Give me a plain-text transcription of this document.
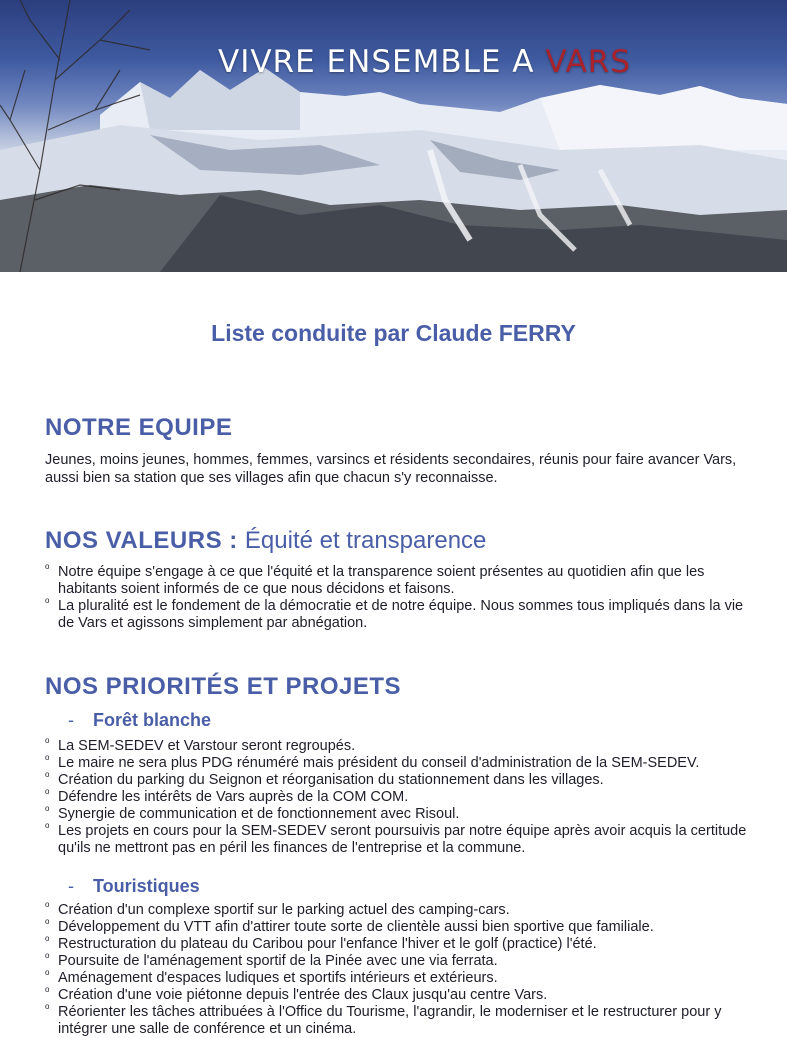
VIVRE ENSEMBLE A VARS

Liste conduite par Claude FERRY

NOTRE EQUIPE

Jeunes, moins jeunes, hommes, femmes, varsincs et résidents secondaires, réunis pour faire avancer Vars, aussi bien sa station que ses villages afin que chacun s'y reconnaisse.

NOS VALEURS : Équité et transparence
o Notre équipe s'engage à ce que l'équité et la transparence soient présentes au quotidien afin que les habitants soient informés de ce que nous décidons et faisons.
o La pluralité est le fondement de la démocratie et de notre équipe. Nous sommes tous impliqués dans la vie de Vars et agissons simplement par abnégation.
NOS PRIORITÉS ET PROJETS
- Forêt blanche
o La SEM-SEDEV et Varstour seront regroupés.
o Le maire ne sera plus PDG rénuméré mais président du conseil d'administration de la SEM-SEDEV.
o Création du parking du Seignon et réorganisation du stationnement dans les villages.
o Défendre les intérêts de Vars auprès de la COM COM.
o Synergie de communication et de fonctionnement avec Risoul.
o Les projets en cours pour la SEM-SEDEV seront poursuivis par notre équipe après avoir acquis la certitude qu'ils ne mettront pas en péril les finances de l'entreprise et la commune.
- Touristiques
o Création d'un complexe sportif sur le parking actuel des camping-cars.
o Développement du VTT afin d'attirer toute sorte de clientèle aussi bien sportive que familiale.
o Restructuration du plateau du Caribou pour l'enfance l'hiver et le golf (practice) l'été.
o Poursuite de l'aménagement sportif de la Pinée avec une via ferrata.
o Aménagement d'espaces ludiques et sportifs intérieurs et extérieurs.
o Création d'une voie piétonne depuis l'entrée des Claux jusqu'au centre Vars.
o Réorienter les tâches attribuées à l'Office du Tourisme, l'agrandir, le moderniser et le restructurer pour y intégrer une salle de conférence et un cinéma.
